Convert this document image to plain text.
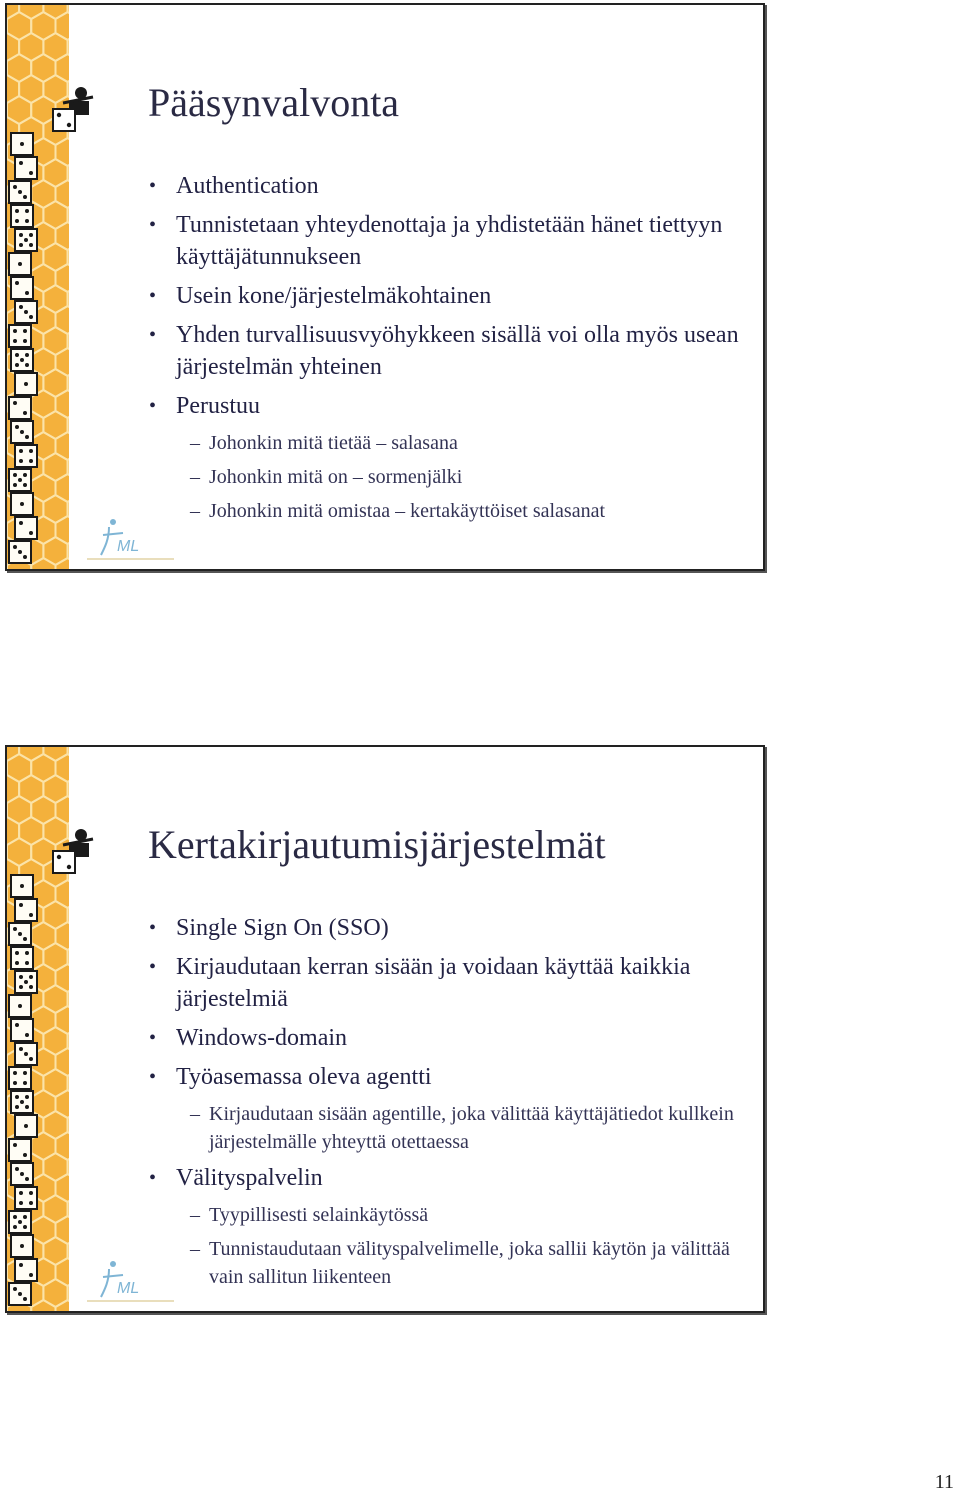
ML
Pääsynvalvonta
• Authentication
• Tunnistetaan yhteydenottaja ja yhdistetään hänet tiettyyn käyttäjätunnukseen
• Usein kone/järjestelmäkohtainen
• Yhden turvallisuusvyöhykkeen sisällä voi olla myös usean järjestelmän yhteinen
• Perustuu
– Johonkin mitä tietää – salasana
– Johonkin mitä on – sormenjälki
– Johonkin mitä omistaa – kertakäyttöiset salasanat
ML
Kertakirjautumisjärjestelmät
• Single Sign On (SSO)
• Kirjaudutaan kerran sisään ja voidaan käyttää kaikkia järjestelmiä
• Windows-domain
• Työasemassa oleva agentti
– Kirjaudutaan sisään agentille, joka välittää käyttäjätiedot kullkein järjestelmälle yhteyttä otettaessa
• Välityspalvelin
– Tyypillisesti selainkäytössä
– Tunnistaudutaan välityspalvelimelle, joka sallii käytön ja välittää vain sallitun liikenteen
11
